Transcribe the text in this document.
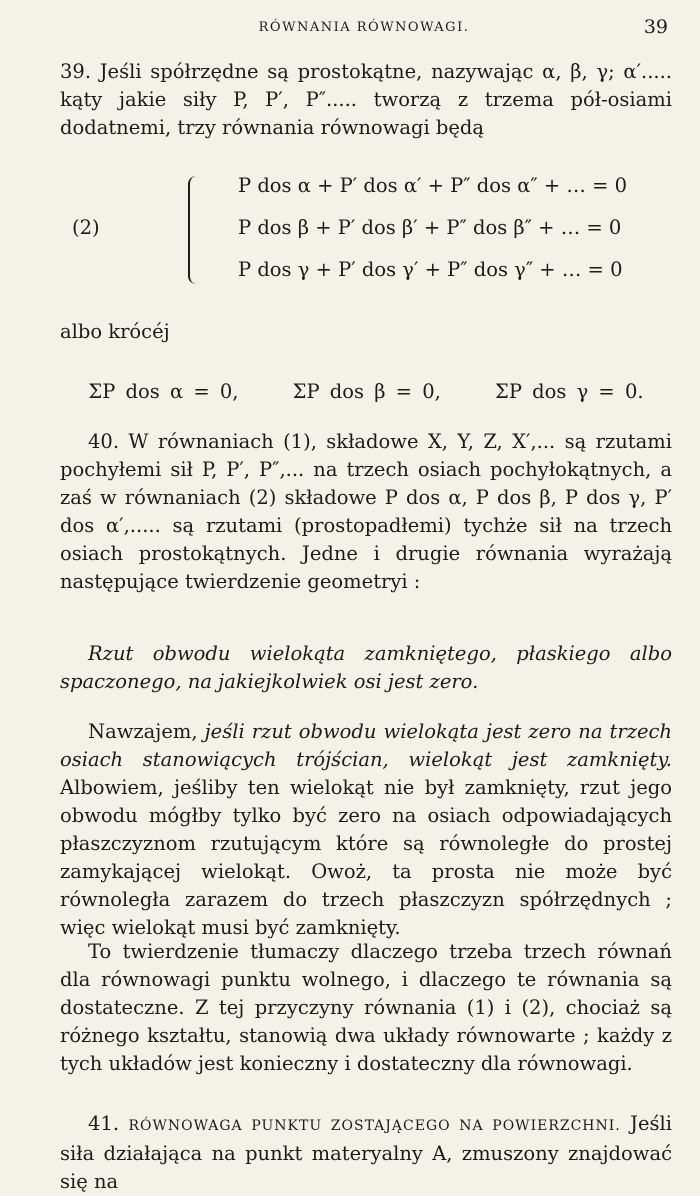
RÓWNANIA RÓWNOWAGI.	39

39. Jeśli spółrzędne są prostokątne, nazywając α, β, γ; α′..... kąty jakie siły P, P′, P″..... tworzą z trzema pół-osiami dodatnemi, trzy równania równowagi będą

(2)
P dos α + P′ dos α′ + P″ dos α″ + … = 0
P dos β + P′ dos β′ + P″ dos β″ + … = 0
P dos γ + P′ dos γ′ + P″ dos γ″ + … = 0

albo krócéj

ΣP dos α = 0,	ΣP dos β = 0,	ΣP dos γ = 0.

40. W równaniach (1), składowe X, Y, Z, X′,... są rzutami pochyłemi sił P, P′, P″,... na trzech osiach pochyłokątnych, a zaś w równaniach (2) składowe P dos α, P dos β, P dos γ, P′ dos α′,..... są rzutami (prostopadłemi) tychże sił na trzech osiach prostokątnych. Jedne i drugie równania wyrażają następujące twierdzenie geometryi :

Rzut obwodu wielokąta zamkniętego, płaskiego albo spaczonego, na jakiejkolwiek osi jest zero.

Nawzajem, jeśli rzut obwodu wielokąta jest zero na trzech osiach stanowiących trójścian, wielokąt jest zamknięty. Albowiem, jeśliby ten wielokąt nie był zamknięty, rzut jego obwodu mógłby tylko być zero na osiach odpowiadających płaszczyznom rzutującym które są równoległe do prostej zamykającej wielokąt. Owoż, ta prosta nie może być równoległa zarazem do trzech płaszczyzn spółrzędnych ; więc wielokąt musi być zamknięty.

To twierdzenie tłumaczy dlaczego trzeba trzech równań dla równowagi punktu wolnego, i dlaczego te równania są dostateczne. Z tej przyczyny równania (1) i (2), chociaż są różnego kształtu, stanowią dwa układy równowarte ; każdy z tych układów jest konieczny i dostateczny dla równowagi.

41. RÓWNOWAGA PUNKTU ZOSTAJĄCEGO NA POWIERZCHNI. Jeśli siła działająca na punkt materyalny A, zmuszony znajdować się na
